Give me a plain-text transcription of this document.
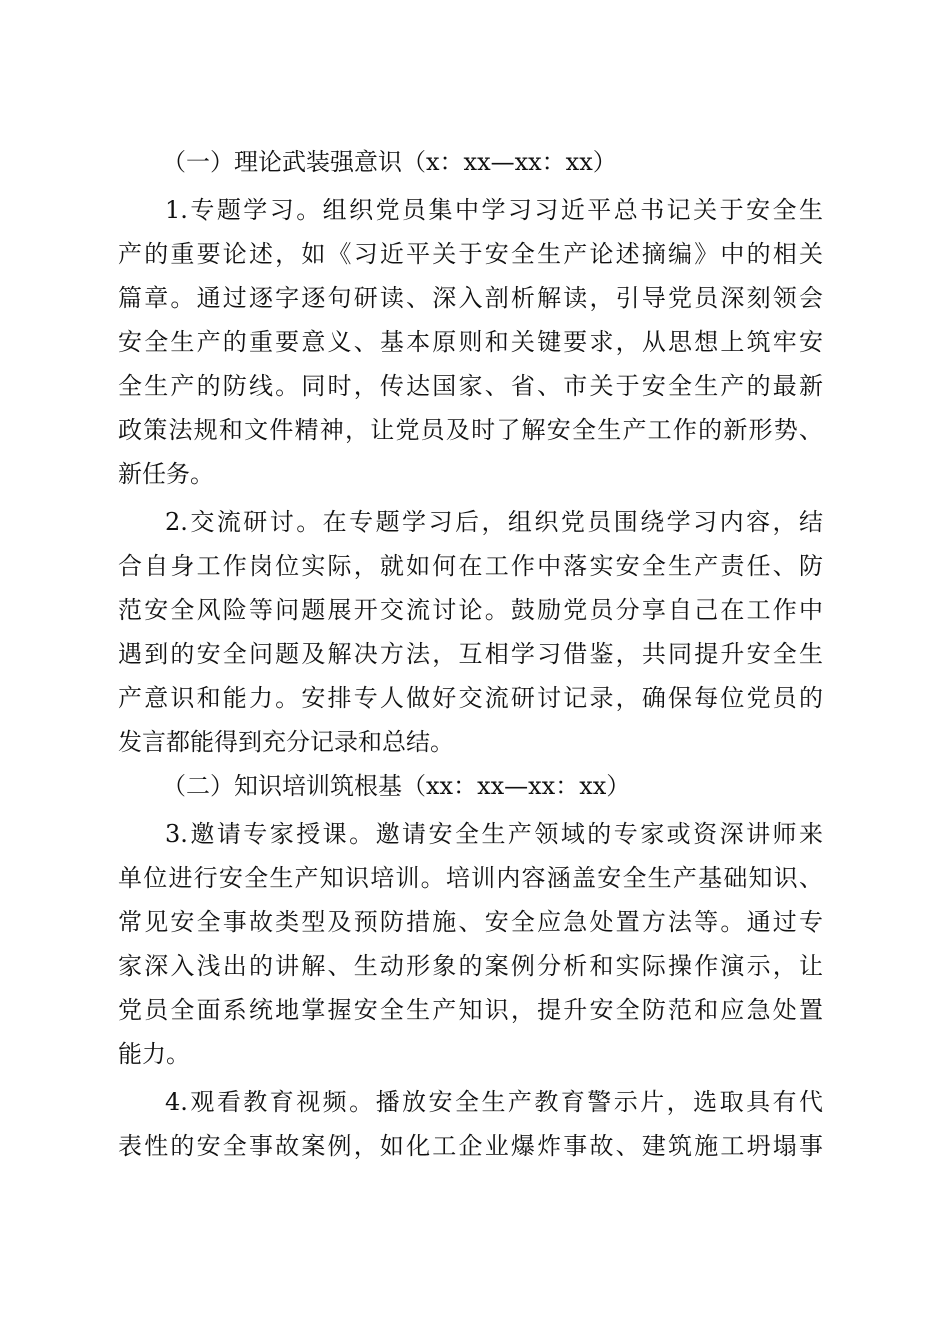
（一）理论武装强意识（x：xx—xx：xx）
1.专题学习。组织党员集中学习习近平总书记关于安全生
产的重要论述，如《习近平关于安全生产论述摘编》中的相关
篇章。通过逐字逐句研读、深入剖析解读，引导党员深刻领会
安全生产的重要意义、基本原则和关键要求，从思想上筑牢安
全生产的防线。同时，传达国家、省、市关于安全生产的最新
政策法规和文件精神，让党员及时了解安全生产工作的新形势、
新任务。
2.交流研讨。在专题学习后，组织党员围绕学习内容，结
合自身工作岗位实际，就如何在工作中落实安全生产责任、防
范安全风险等问题展开交流讨论。鼓励党员分享自己在工作中
遇到的安全问题及解决方法，互相学习借鉴，共同提升安全生
产意识和能力。安排专人做好交流研讨记录，确保每位党员的
发言都能得到充分记录和总结。
（二）知识培训筑根基（xx：xx—xx：xx）
3.邀请专家授课。邀请安全生产领域的专家或资深讲师来
单位进行安全生产知识培训。培训内容涵盖安全生产基础知识、
常见安全事故类型及预防措施、安全应急处置方法等。通过专
家深入浅出的讲解、生动形象的案例分析和实际操作演示，让
党员全面系统地掌握安全生产知识，提升安全防范和应急处置
能力。
4.观看教育视频。播放安全生产教育警示片，选取具有代
表性的安全事故案例，如化工企业爆炸事故、建筑施工坍塌事
